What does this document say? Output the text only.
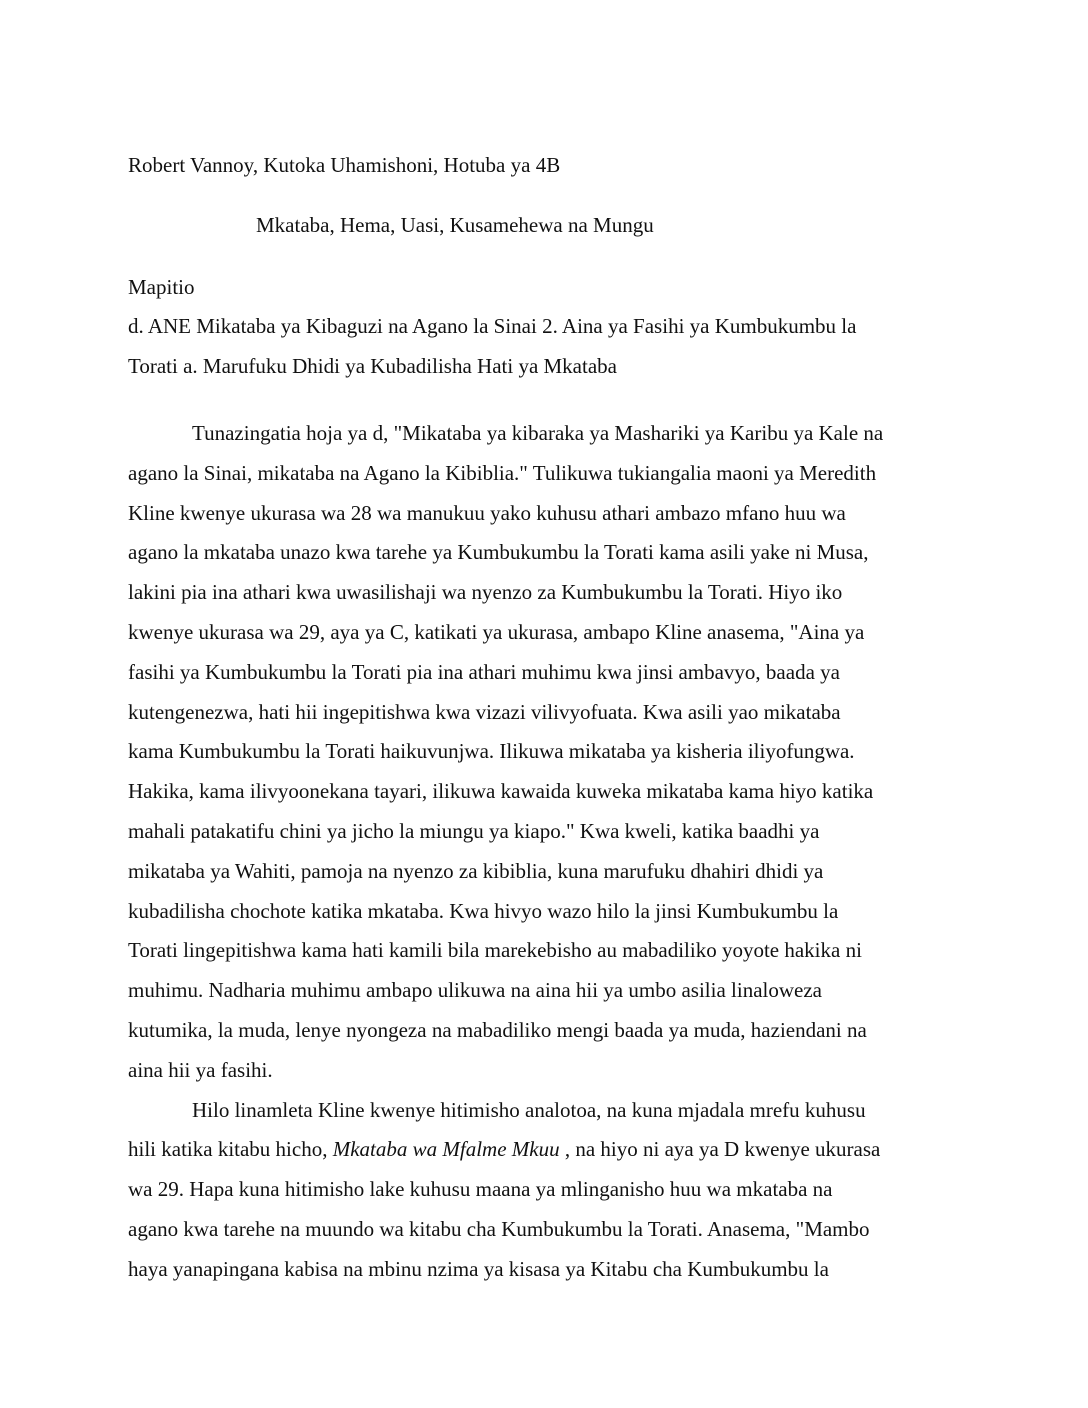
Robert Vannoy, Kutoka Uhamishoni, Hotuba ya 4B

Mkataba, Hema, Uasi, Kusamehewa na Mungu

Mapitio

d. ANE Mikataba ya Kibaguzi na Agano la Sinai 2. Aina ya Fasihi ya Kumbukumbu la

Torati a. Marufuku Dhidi ya Kubadilisha Hati ya Mkataba

Tunazingatia hoja ya d, "Mikataba ya kibaraka ya Mashariki ya Karibu ya Kale na
agano la Sinai, mikataba na Agano la Kibiblia." Tulikuwa tukiangalia maoni ya Meredith
Kline kwenye ukurasa wa 28 wa manukuu yako kuhusu athari ambazo mfano huu wa
agano la mkataba unazo kwa tarehe ya Kumbukumbu la Torati kama asili yake ni Musa,
lakini pia ina athari kwa uwasilishaji wa nyenzo za Kumbukumbu la Torati. Hiyo iko
kwenye ukurasa wa 29, aya ya C, katikati ya ukurasa, ambapo Kline anasema, "Aina ya
fasihi ya Kumbukumbu la Torati pia ina athari muhimu kwa jinsi ambavyo, baada ya
kutengenezwa, hati hii ingepitishwa kwa vizazi vilivyofuata. Kwa asili yao mikataba
kama Kumbukumbu la Torati haikuvunjwa. Ilikuwa mikataba ya kisheria iliyofungwa.
Hakika, kama ilivyoonekana tayari, ilikuwa kawaida kuweka mikataba kama hiyo katika
mahali patakatifu chini ya jicho la miungu ya kiapo." Kwa kweli, katika baadhi ya
mikataba ya Wahiti, pamoja na nyenzo za kibiblia, kuna marufuku dhahiri dhidi ya
kubadilisha chochote katika mkataba. Kwa hivyo wazo hilo la jinsi Kumbukumbu la
Torati lingepitishwa kama hati kamili bila marekebisho au mabadiliko yoyote hakika ni
muhimu. Nadharia muhimu ambapo ulikuwa na aina hii ya umbo asilia linaloweza
kutumika, la muda, lenye nyongeza na mabadiliko mengi baada ya muda, haziendani na
aina hii ya fasihi.
Hilo linamleta Kline kwenye hitimisho analotoa, na kuna mjadala mrefu kuhusu
hili katika kitabu hicho, Mkataba wa Mfalme Mkuu , na hiyo ni aya ya D kwenye ukurasa
wa 29. Hapa kuna hitimisho lake kuhusu maana ya mlinganisho huu wa mkataba na
agano kwa tarehe na muundo wa kitabu cha Kumbukumbu la Torati. Anasema, "Mambo
haya yanapingana kabisa na mbinu nzima ya kisasa ya Kitabu cha Kumbukumbu la
